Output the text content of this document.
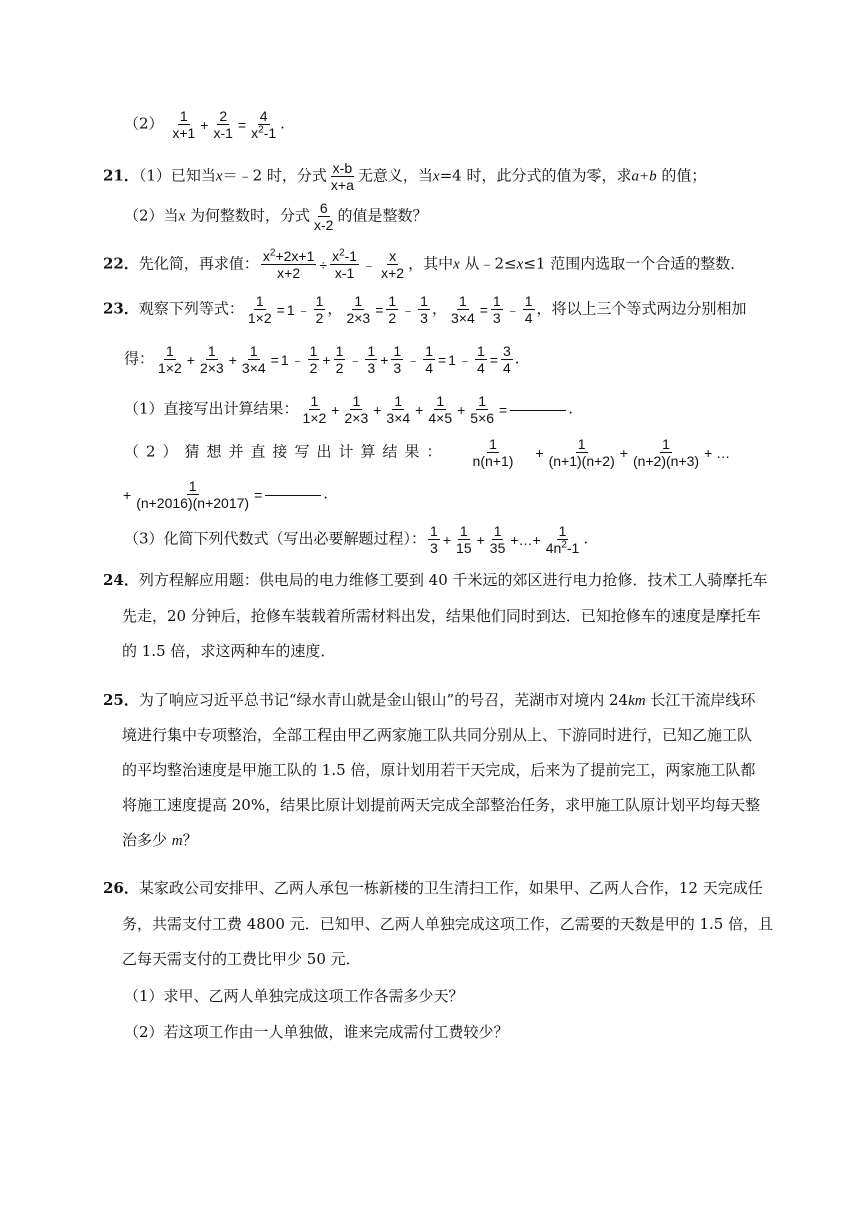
$(2) \frac{1}{x+1} + \frac{2}{x-1} = \frac{4}{x^2-1}$ .
21．（1）已知当x＝﹣2 时，分式 $\frac{x-b}{x+a}$ 无意义，当x=4 时，此分式的值为零，求a+b 的值；
（2）当x 为何整数时，分式 $\frac{6}{x-2}$ 的值是整数？
22．先化简，再求值： $\frac{x^2+2x+1}{x+2} \div \frac{x^2-1}{x-1}$ ﹣ $\frac{x}{x+2}$ ，其中x 从﹣2≤x≤1 范围内选取一个合适的整数．
23．观察下列等式： $\frac{1}{1\times 2} = 1$ ﹣ $\frac{1}{2}$ ， $\frac{1}{2\times 3} = \frac{1}{2}$ ﹣ $\frac{1}{3}$ ， $\frac{1}{3\times 4} = \frac{1}{3}$ ﹣ $\frac{1}{4}$ ，将以上三个等式两边分别相加
得： $\frac{1}{1\times 2} + \frac{1}{2\times 3} + \frac{1}{3\times 4} = 1$ ﹣ $\frac{1}{2} + \frac{1}{2}$ ﹣ $\frac{1}{3} + \frac{1}{3}$ ﹣ $\frac{1}{4} = 1$ ﹣ $\frac{1}{4} = \frac{3}{4}$ .
（1）直接写出计算结果： $\frac{1}{1\times 2} + \frac{1}{2\times 3} + \frac{1}{3\times 4} + \frac{1}{4\times 5} + \frac{1}{5\times 6}$ =	.
（2）猜想并直接写出计算结果： $\frac{1}{n(n+1)} + \frac{1}{(n+1)(n+2)} + \frac{1}{(n+2)(n+3)}$ + …
+ $\frac{1}{(n+2016)(n+2017)}$ =	.
（3）化简下列代数式（写出必要解题过程）： $\frac{1}{3} + \frac{1}{15} + \frac{1}{35}$ +…+ $\frac{1}{4n^2-1}$ .
24．列方程解应用题：供电局的电力维修工要到 40 千米远的郊区进行电力抢修．技术工人骑摩托车
先走，20 分钟后，抢修车装载着所需材料出发，结果他们同时到达．已知抢修车的速度是摩托车
的 1.5 倍，求这两种车的速度．
25．为了响应习近平总书记“绿水青山就是金山银山”的号召，芜湖市对境内 24km 长江干流岸线环
境进行集中专项整治，全部工程由甲乙两家施工队共同分别从上、下游同时进行，已知乙施工队
的平均整治速度是甲施工队的 1.5 倍，原计划用若干天完成，后来为了提前完工，两家施工队都
将施工速度提高 20%，结果比原计划提前两天完成全部整治任务，求甲施工队原计划平均每天整
治多少 m？
26．某家政公司安排甲、乙两人承包一栋新楼的卫生清扫工作，如果甲、乙两人合作，12 天完成任
务，共需支付工费 4800 元．已知甲、乙两人单独完成这项工作，乙需要的天数是甲的 1.5 倍，且
乙每天需支付的工费比甲少 50 元．
（1）求甲、乙两人单独完成这项工作各需多少天？
（2）若这项工作由一人单独做，谁来完成需付工费较少？
